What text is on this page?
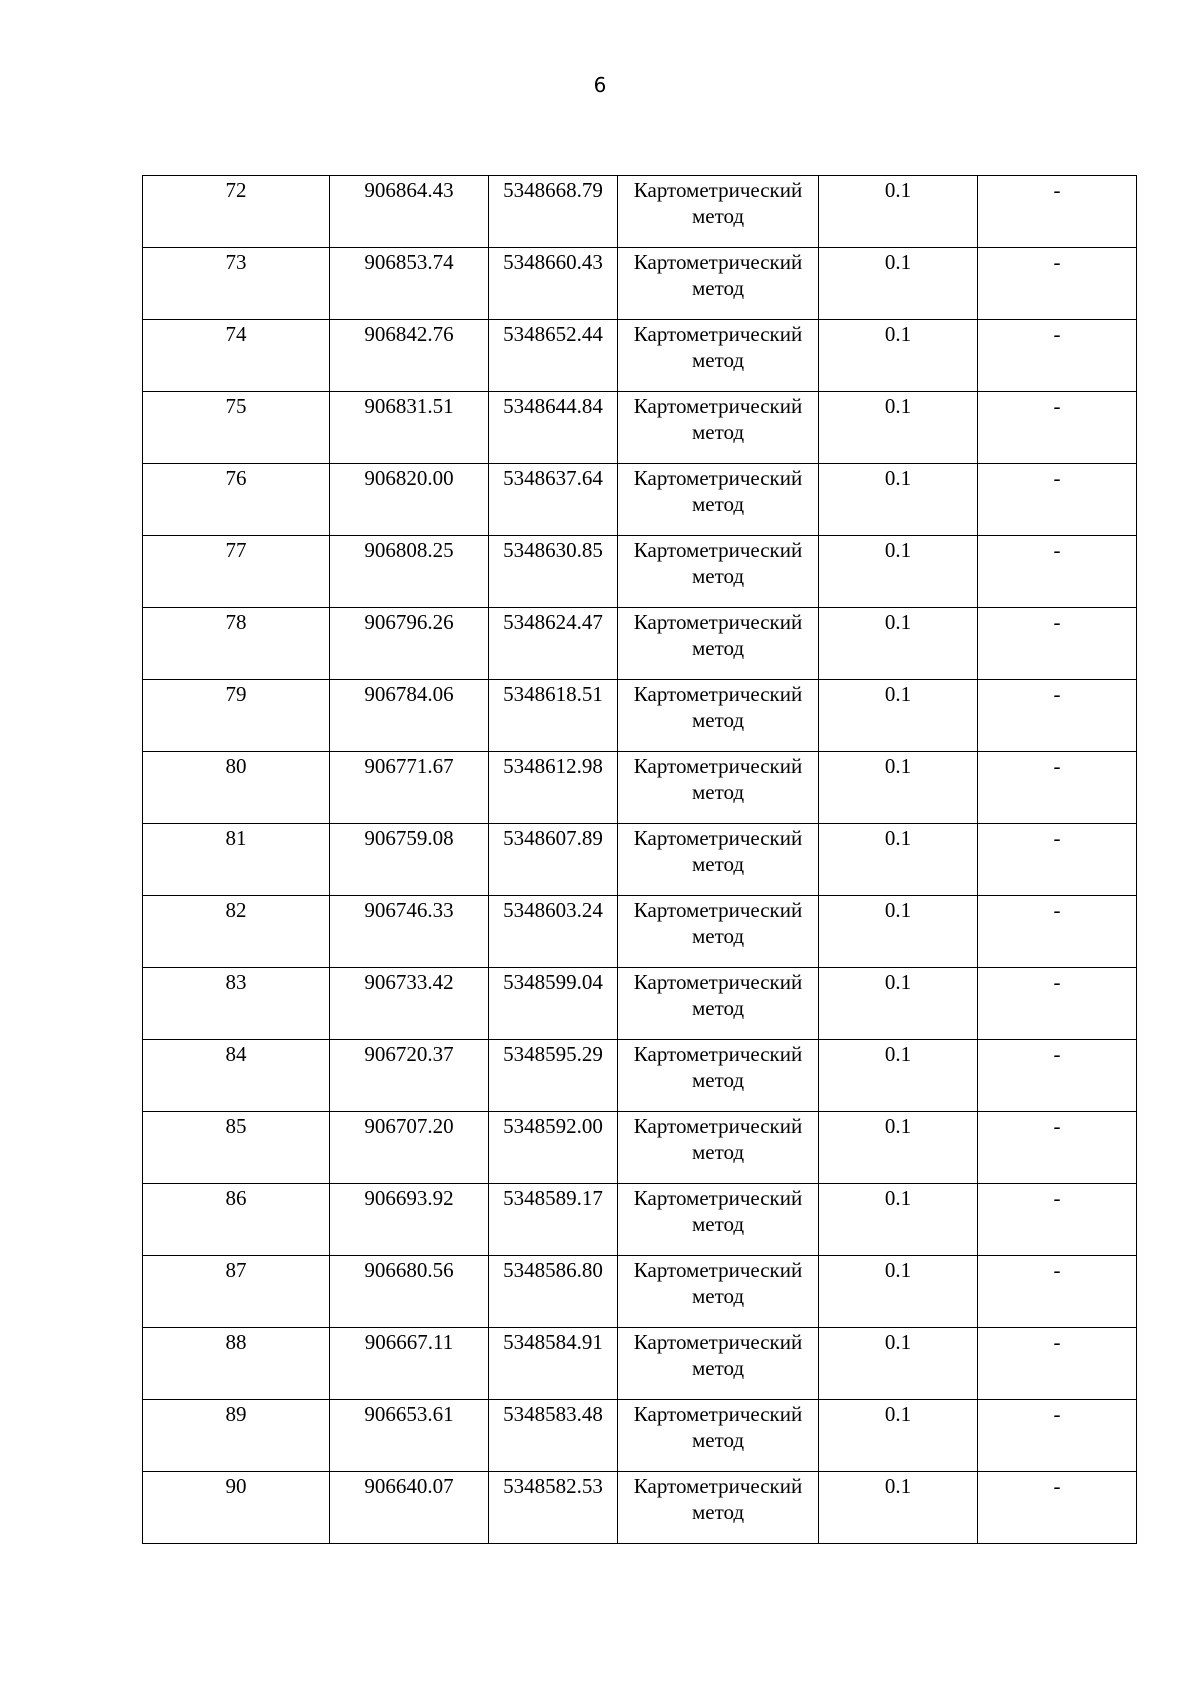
6
72	906864.43	5348668.79	Картометрический метод	0.1	-

73	906853.74	5348660.43	Картометрический метод	0.1	-

74	906842.76	5348652.44	Картометрический метод	0.1	-

75	906831.51	5348644.84	Картометрический метод	0.1	-

76	906820.00	5348637.64	Картометрический метод	0.1	-

77	906808.25	5348630.85	Картометрический метод	0.1	-

78	906796.26	5348624.47	Картометрический метод	0.1	-

79	906784.06	5348618.51	Картометрический метод	0.1	-

80	906771.67	5348612.98	Картометрический метод	0.1	-

81	906759.08	5348607.89	Картометрический метод	0.1	-

82	906746.33	5348603.24	Картометрический метод	0.1	-

83	906733.42	5348599.04	Картометрический метод	0.1	-

84	906720.37	5348595.29	Картометрический метод	0.1	-

85	906707.20	5348592.00	Картометрический метод	0.1	-

86	906693.92	5348589.17	Картометрический метод	0.1	-

87	906680.56	5348586.80	Картометрический метод	0.1	-

88	906667.11	5348584.91	Картометрический метод	0.1	-

89	906653.61	5348583.48	Картометрический метод	0.1	-

90	906640.07	5348582.53	Картометрический метод	0.1	-
